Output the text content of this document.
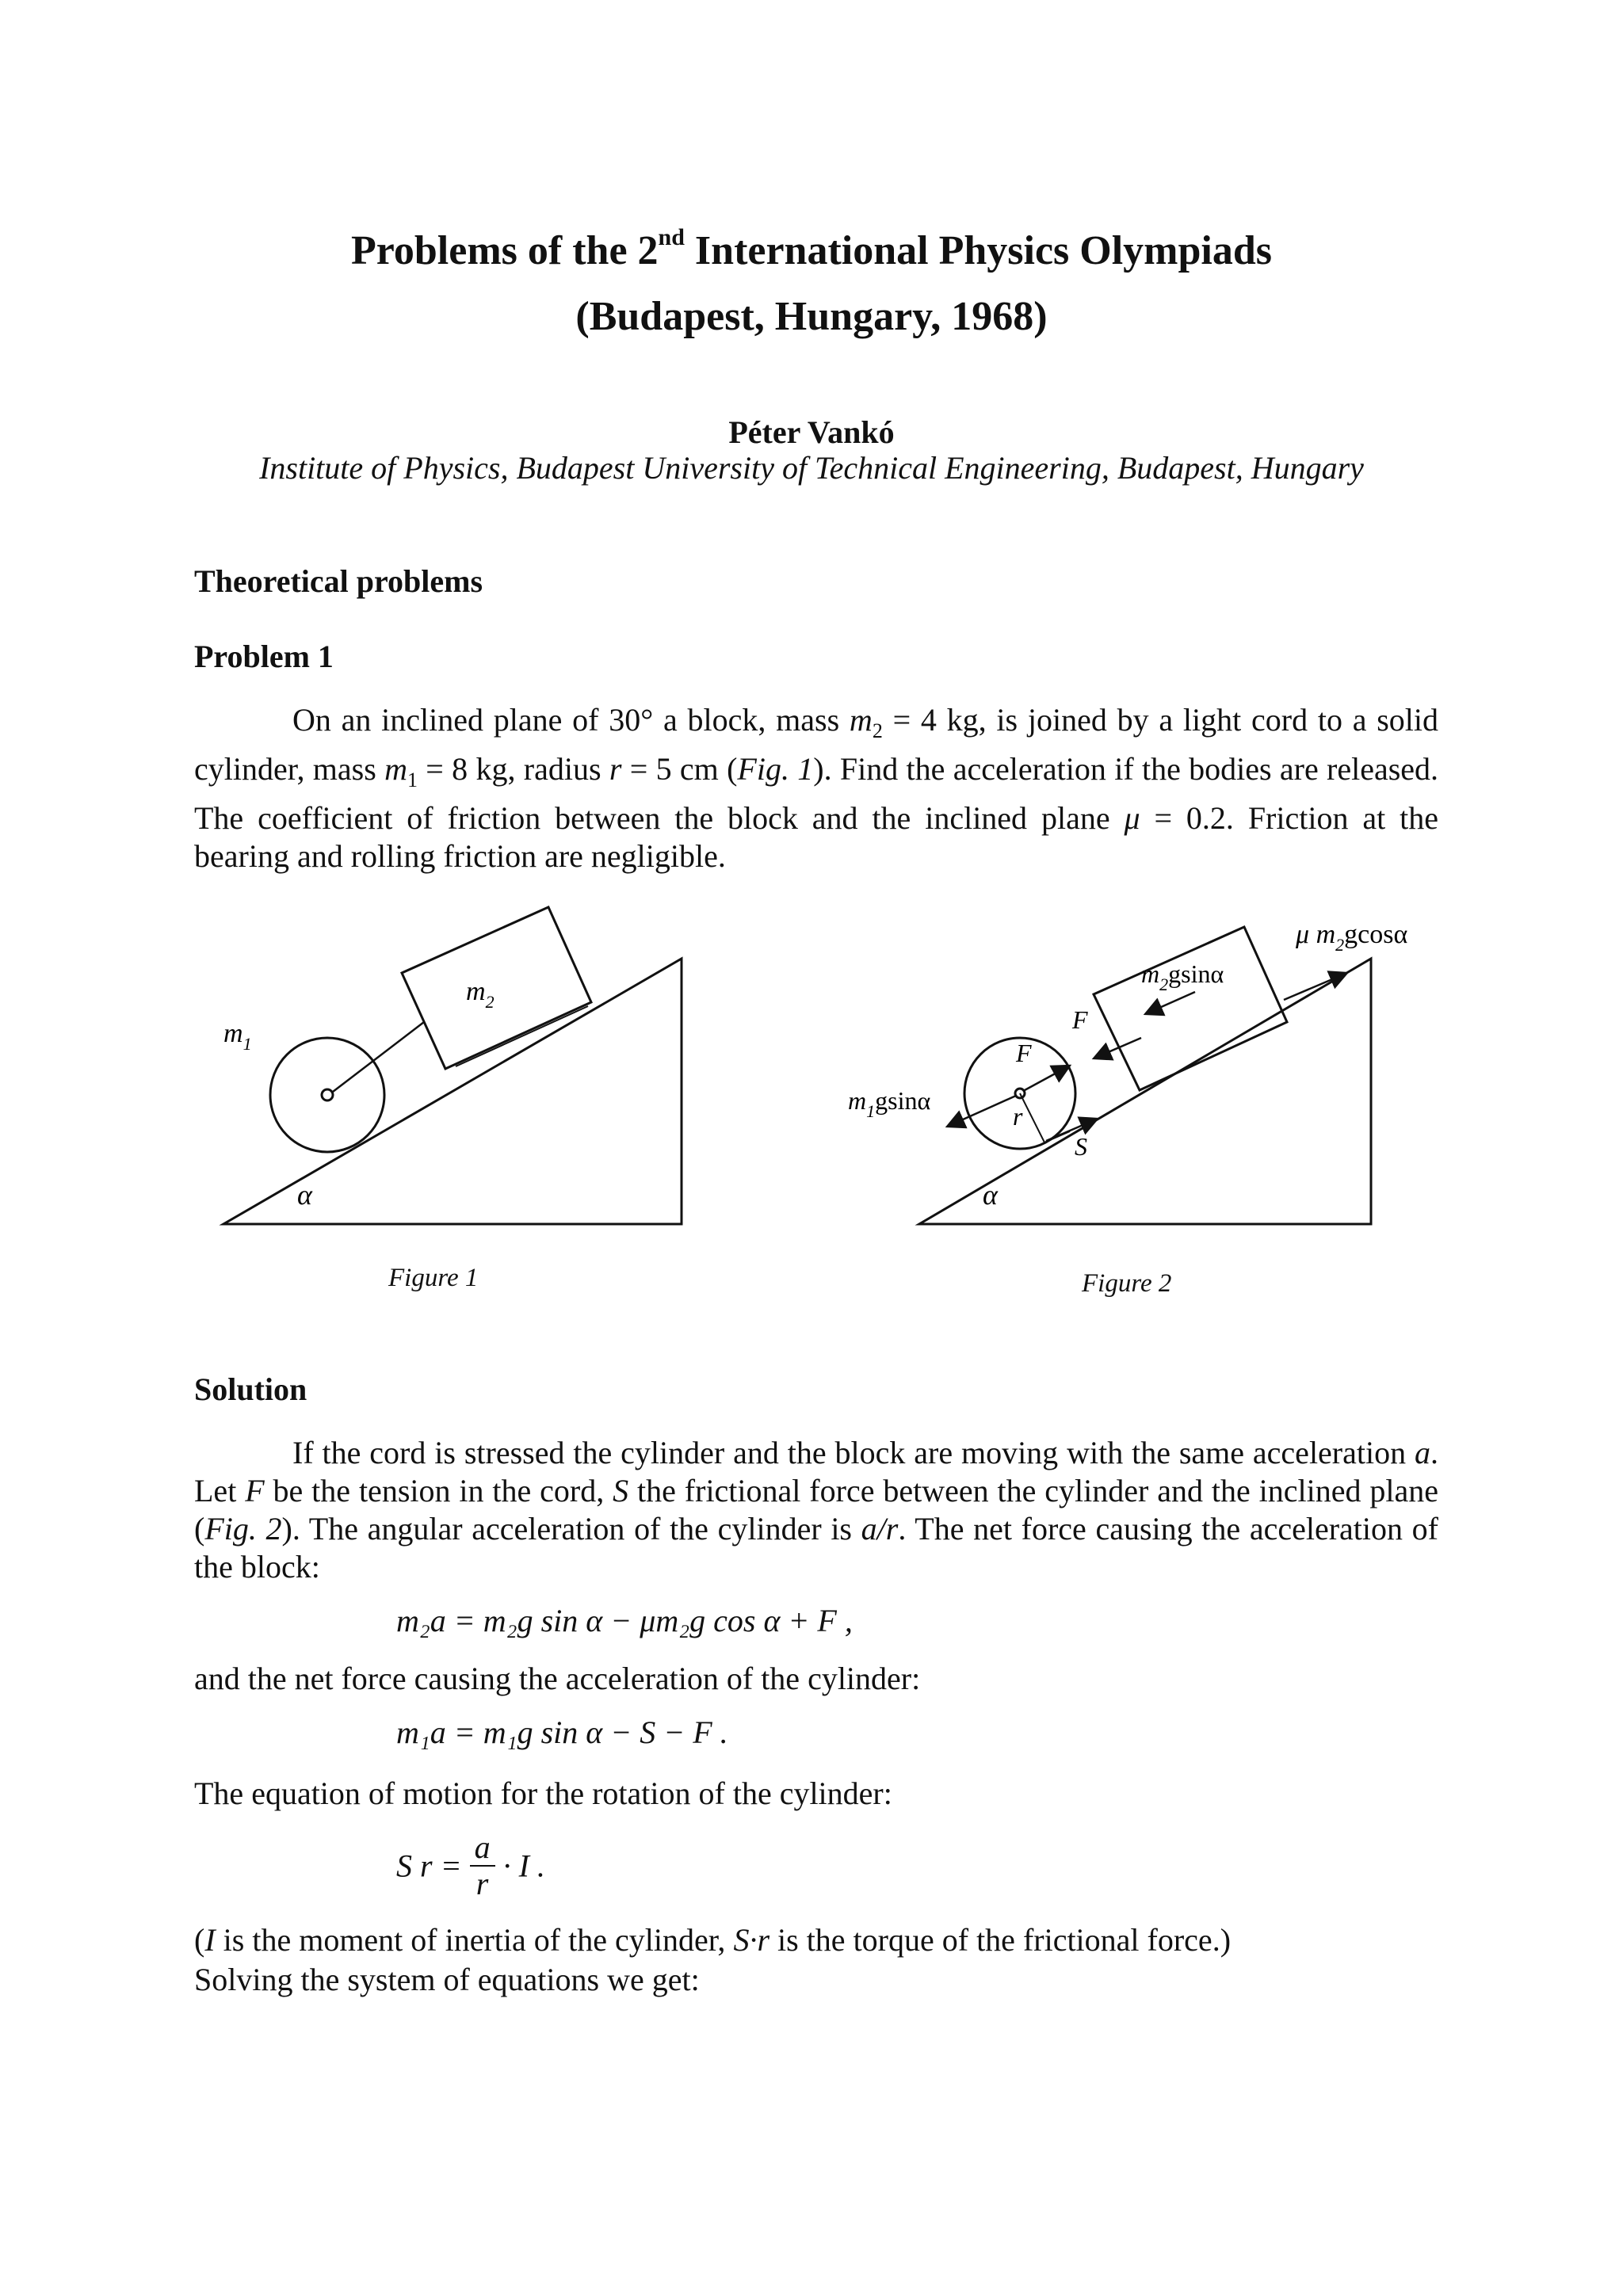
Problems of the 2nd International Physics Olympiads
(Budapest, Hungary, 1968)
Péter Vankó
Institute of Physics, Budapest University of Technical Engineering, Budapest, Hungary
Theoretical problems
Problem 1
On an inclined plane of 30° a block, mass $m_2 = 4$ kg, is joined by a light cord to a solid cylinder, mass $m_1 = 8$ kg, radius r = 5 cm (Fig. 1). Find the acceleration if the bodies are released. The coefficient of friction between the block and the inclined plane μ = 0.2. Friction at the bearing and rolling friction are negligible.
$m_1$
$m_2$
α
Figure 1
μ $m_2gcos\alpha$
$m_2gsin\alpha$
F
F
$m_1gsin\alpha$
r
S
α
Figure 2
Solution
If the cord is stressed the cylinder and the block are moving with the same acceleration a. Let F be the tension in the cord, S the frictional force between the cylinder and the inclined plane (Fig. 2). The angular acceleration of the cylinder is a/r. The net force causing the acceleration of the block:
m₂a = m₂g sin α − μm₂g cos α + F ,
and the net force causing the acceleration of the cylinder:
m₁a = m₁g sin α − S − F .
The equation of motion for the rotation of the cylinder:
S $r = \frac{a}{r} \cdot I$ .
(I is the moment of inertia of the cylinder, S·r is the torque of the frictional force.)
Solving the system of equations we get:
